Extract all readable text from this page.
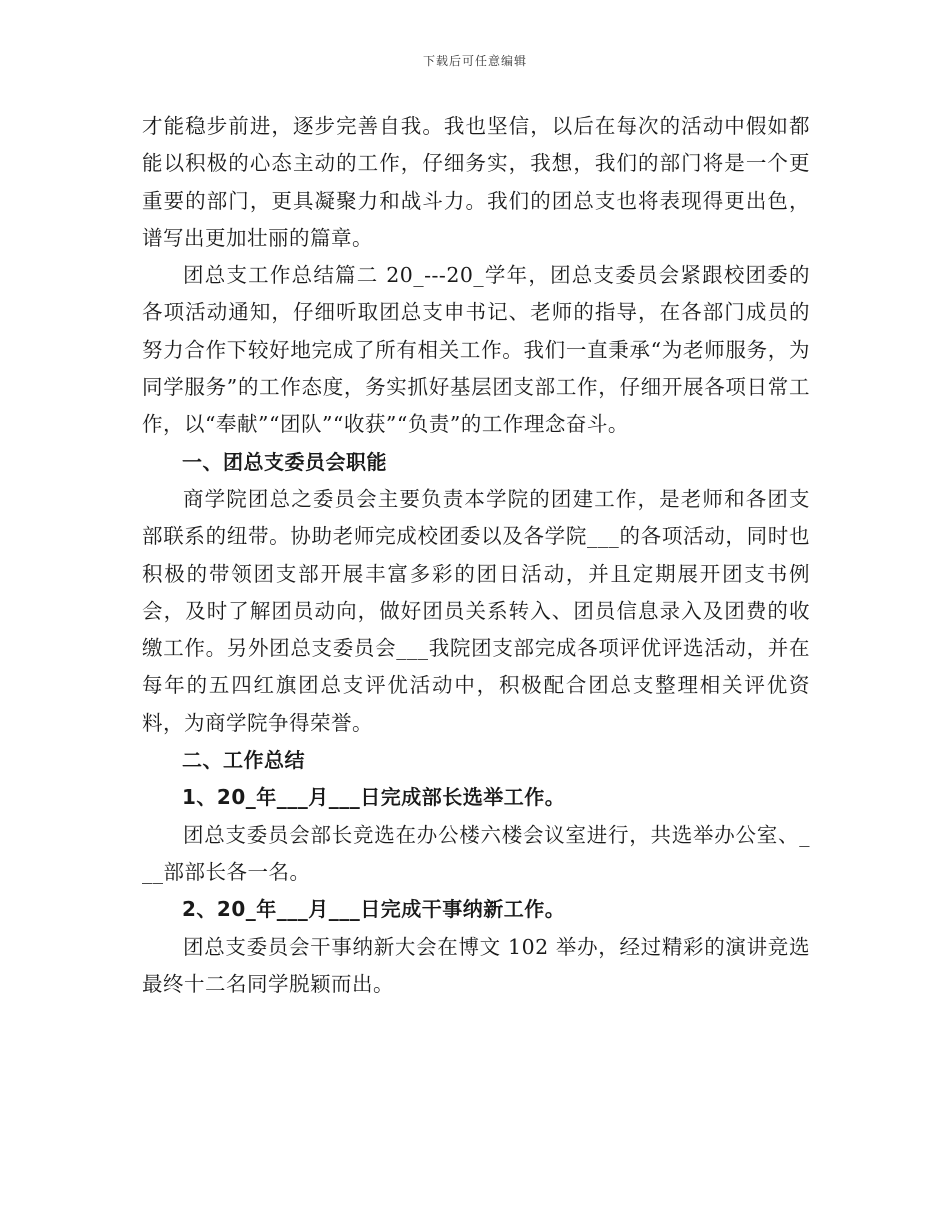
下载后可任意编辑

才能稳步前进，逐步完善自我。我也坚信，以后在每次的活动中假如都能以积极的心态主动的工作，仔细务实，我想，我们的部门将是一个更重要的部门，更具凝聚力和战斗力。我们的团总支也将表现得更出色，谱写出更加壮丽的篇章。

团总支工作总结篇二 20_---20_学年，团总支委员会紧跟校团委的各项活动通知，仔细听取团总支申书记、老师的指导，在各部门成员的努力合作下较好地完成了所有相关工作。我们一直秉承“为老师服务，为同学服务”的工作态度，务实抓好基层团支部工作，仔细开展各项日常工作，以“奉献”“团队”“收获”“负责”的工作理念奋斗。

一、团总支委员会职能

商学院团总之委员会主要负责本学院的团建工作，是老师和各团支部联系的纽带。协助老师完成校团委以及各学院___的各项活动，同时也积极的带领团支部开展丰富多彩的团日活动，并且定期展开团支书例会，及时了解团员动向，做好团员关系转入、团员信息录入及团费的收缴工作。另外团总支委员会___我院团支部完成各项评优评选活动，并在每年的五四红旗团总支评优活动中，积极配合团总支整理相关评优资料，为商学院争得荣誉。

二、工作总结

1、20_年___月___日完成部长选举工作。

团总支委员会部长竞选在办公楼六楼会议室进行，共选举办公室、___部部长各一名。

2、20_年___月___日完成干事纳新工作。

团总支委员会干事纳新大会在博文 102 举办，经过精彩的演讲竞选最终十二名同学脱颖而出。
